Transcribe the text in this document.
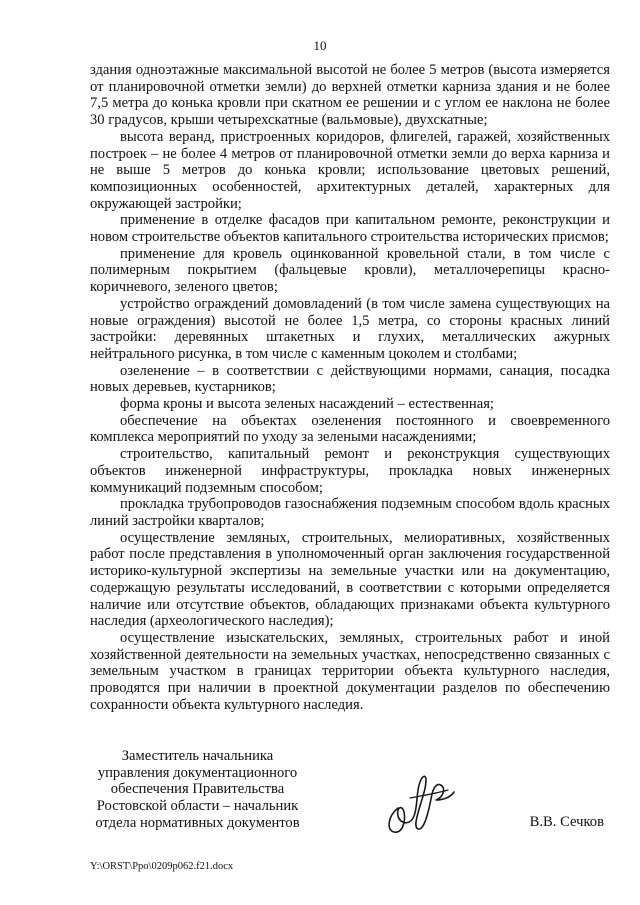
10

здания одноэтажные максимальной высотой не более 5 метров (высота измеряется от планировочной отметки земли) до верхней отметки карниза здания и не более 7,5 метра до конька кровли при скатном ее решении и с углом ее наклона не более 30 градусов, крыши четырехскатные (вальмовые), двухскатные;

высота веранд, пристроенных коридоров, флигелей, гаражей, хозяйственных построек – не более 4 метров от планировочной отметки земли до верха карниза и не выше 5 метров до конька кровли; использование цветовых решений, композиционных особенностей, архитектурных деталей, характерных для окружающей застройки;

применение в отделке фасадов при капитальном ремонте, реконструкции и новом строительстве объектов капитального строительства исторических присмов;

применение для кровель оцинкованной кровельной стали, в том числе с полимерным покрытием (фальцевые кровли), металлочерепицы красно-коричневого, зеленого цветов;

устройство ограждений домовладений (в том числе замена существующих на новые ограждения) высотой не более 1,5 метра, со стороны красных линий застройки: деревянных штакетных и глухих, металлических ажурных нейтрального рисунка, в том числе с каменным цоколем и столбами;

озеленение – в соответствии с действующими нормами, санация, посадка новых деревьев, кустарников;

форма кроны и высота зеленых насаждений – естественная;

обеспечение на объектах озеленения постоянного и своевременного комплекса мероприятий по уходу за зелеными насаждениями;

строительство, капитальный ремонт и реконструкция существующих объектов инженерной инфраструктуры, прокладка новых инженерных коммуникаций подземным способом;

прокладка трубопроводов газоснабжения подземным способом вдоль красных линий застройки кварталов;

осуществление земляных, строительных, мелиоративных, хозяйственных работ после представления в уполномоченный орган заключения государственной историко-культурной экспертизы на земельные участки или на документацию, содержащую результаты исследований, в соответствии с которыми определяется наличие или отсутствие объектов, обладающих признаками объекта культурного наследия (археологического наследия);

осуществление изыскательских, земляных, строительных работ и иной хозяйственной деятельности на земельных участках, непосредственно связанных с земельным участком в границах территории объекта культурного наследия, проводятся при наличии в проектной документации разделов по обеспечению сохранности объекта культурного наследия.

Заместитель начальника
управления документационного
обеспечения Правительства
Ростовской области – начальник
отдела нормативных документов	В.В. Сечков
Y:\ORST\Ppo\0209p062.f21.docx
